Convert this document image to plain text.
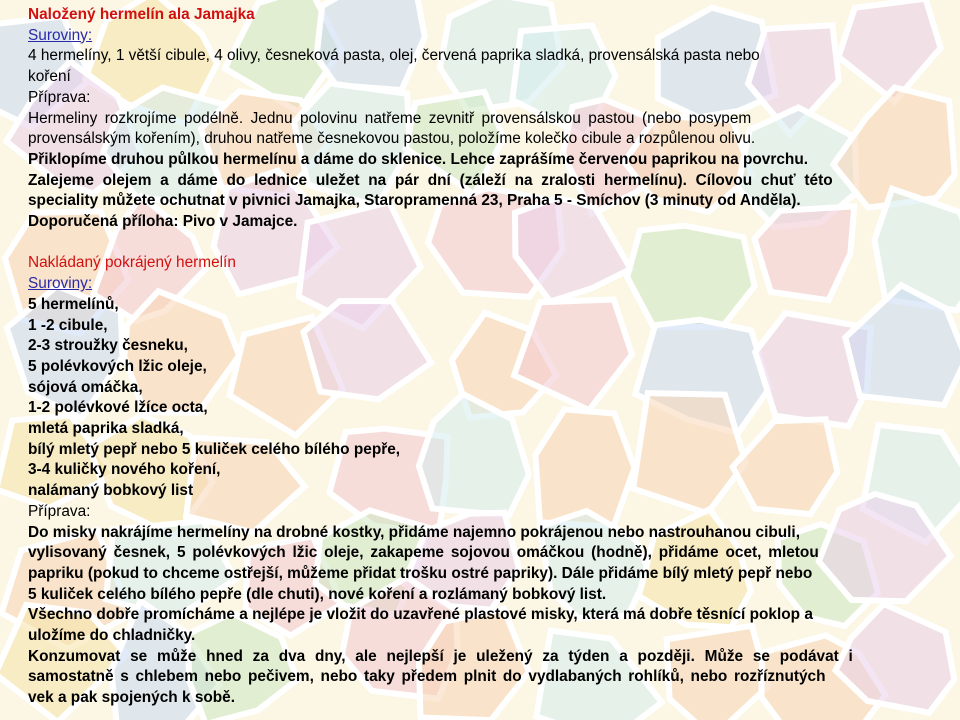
Naložený hermelín ala Jamajka
Suroviny:
4 hermelíny, 1 větší cibule, 4 olivy, česneková pasta, olej, červená paprika sladká, provensálská pasta nebo
koření
Příprava:
Hermeliny rozkrojíme podélně. Jednu polovinu natřeme zevnitř provensálskou pastou (nebo posypem
provensálským kořením), druhou natřeme česnekovou pastou, položíme kolečko cibule a rozpůlenou olivu.
Přiklopíme druhou půlkou hermelínu a dáme do sklenice. Lehce zaprášíme červenou paprikou na povrchu.
Zalejeme olejem a dáme do lednice uležet na pár dní (záleží na zralosti hermelínu). Cílovou chuť této
speciality můžete ochutnat v pivnici Jamajka, Staropramenná 23, Praha 5 - Smíchov (3 minuty od Anděla).
Doporučená příloha: Pivo v Jamajce.
Nakládaný pokrájený hermelín
Suroviny:
5 hermelínů,
1 -2 cibule,
2-3 stroužky česneku,
5 polévkových lžic oleje,
sójová omáčka,
1-2 polévkové lžíce octa,
mletá paprika sladká,
bílý mletý pepř nebo 5 kuliček celého bílého pepře,
3-4 kuličky nového koření,
nalámaný bobkový list
Příprava:
Do misky nakrájíme hermelíny na drobné kostky, přidáme najemno pokrájenou nebo nastrouhanou cibuli,
vylisovaný česnek, 5 polévkových lžic oleje, zakapeme sojovou omáčkou (hodně), přidáme ocet, mletou
papriku (pokud to chceme ostřejší, můžeme přidat trošku ostré papriky). Dále přidáme bílý mletý pepř nebo
5 kuliček celého bílého pepře (dle chuti), nové koření a rozlámaný bobkový list.
Všechno dobře promícháme a nejlépe je vložit do uzavřené plastové misky, která má dobře těsnící poklop a
uložíme do chladničky.
Konzumovat se může hned za dva dny, ale nejlepší je uležený za týden a později. Může se podávat i
samostatně s chlebem nebo pečivem, nebo taky předem plnit do vydlabaných rohlíků, nebo rozříznutých
vek a pak spojených k sobě.
